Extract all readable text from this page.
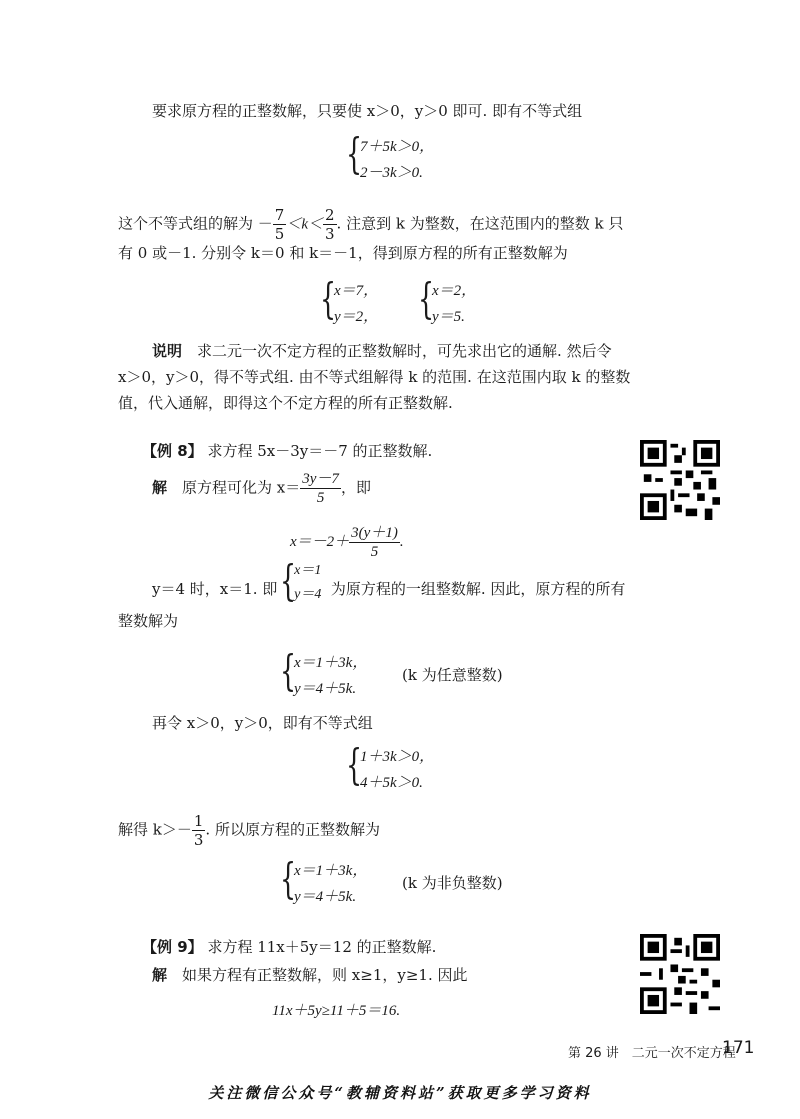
要求原方程的正整数解，只要使 x＞0，y＞0 即可. 即有不等式组
{
7＋5k＞0，
2－3k＞0.
这个不等式组的解为 － $\frac{7}{5} <k< \frac{2}{3}$ . 注意到 k 为整数，在这范围内的整数 k 只
有 0 或－1. 分别令 k＝0 和 k＝－1，得到原方程的所有正整数解为
{
x＝7，
y＝2， {
x＝2，
y＝5.
说明　 求二元一次不定方程的正整数解时，可先求出它的通解. 然后令
x＞0，y＞0，得不等式组. 由不等式组解得 k 的范围. 在这范围内取 k 的整数
值，代入通解，即得这个不定方程的所有正整数解.
【例 8】 求方程 5x－3y＝－7 的正整数解.
解　 原方程可化为 $x= \frac{3y-7}{5}$ ，即
$x=-2+ \frac{3(y+1)}{5}$ .
y＝4 时，x＝1. 即 {
x＝1
y＝4 为原方程的一组整数解. 因此，原方程的所有
整数解为
{
x＝1＋3k，
y＝4＋5k.
(k 为任意整数)
再令 x＞0，y＞0，即有不等式组
{
1＋3k＞0，
4＋5k＞0.
解得 $k>- \frac{1}{3}$ . 所以原方程的正整数解为
{
x＝1＋3k，
y＝4＋5k.
(k 为非负整数)
【例 9】 求方程 11x＋5y＝12 的正整数解.
解　 如果方程有正整数解，则 x≥1，y≥1. 因此
11x＋5y≥11＋5＝16.
第 26 讲　二元一次不定方程
171
关注微信公众号“教辅资料站”获取更多学习资料
